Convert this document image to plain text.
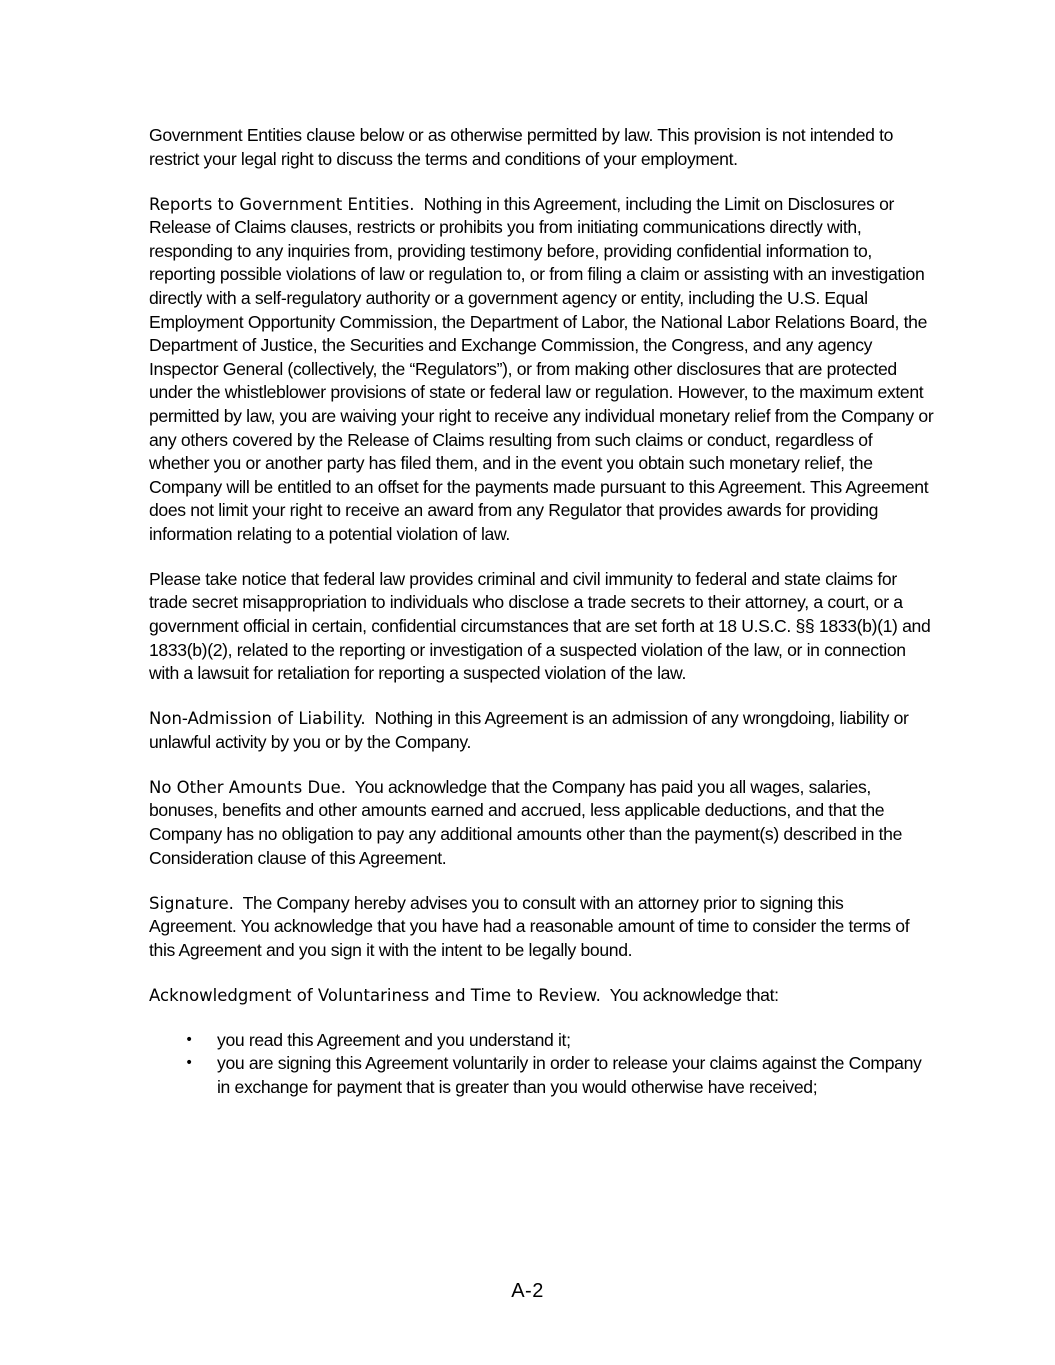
Government Entities clause below or as otherwise permitted by law. This provision is not intended to restrict your legal right to discuss the terms and conditions of your employment.

Reports to Government Entities. Nothing in this Agreement, including the Limit on Disclosures or Release of Claims clauses, restricts or prohibits you from initiating communications directly with, responding to any inquiries from, providing testimony before, providing confidential information to, reporting possible violations of law or regulation to, or from filing a claim or assisting with an investigation directly with a self-regulatory authority or a government agency or entity, including the U.S. Equal Employment Opportunity Commission, the Department of Labor, the National Labor Relations Board, the Department of Justice, the Securities and Exchange Commission, the Congress, and any agency Inspector General (collectively, the “Regulators”), or from making other disclosures that are protected under the whistleblower provisions of state or federal law or regulation. However, to the maximum extent permitted by law, you are waiving your right to receive any individual monetary relief from the Company or any others covered by the Release of Claims resulting from such claims or conduct, regardless of whether you or another party has filed them, and in the event you obtain such monetary relief, the Company will be entitled to an offset for the payments made pursuant to this Agreement. This Agreement does not limit your right to receive an award from any Regulator that provides awards for providing information relating to a potential violation of law.

Please take notice that federal law provides criminal and civil immunity to federal and state claims for trade secret misappropriation to individuals who disclose a trade secrets to their attorney, a court, or a government official in certain, confidential circumstances that are set forth at 18 U.S.C. §§ 1833(b)(1) and 1833(b)(2), related to the reporting or investigation of a suspected violation of the law, or in connection with a lawsuit for retaliation for reporting a suspected violation of the law.

Non-Admission of Liability. Nothing in this Agreement is an admission of any wrongdoing, liability or unlawful activity by you or by the Company.

No Other Amounts Due. You acknowledge that the Company has paid you all wages, salaries, bonuses, benefits and other amounts earned and accrued, less applicable deductions, and that the Company has no obligation to pay any additional amounts other than the payment(s) described in the Consideration clause of this Agreement.

Signature. The Company hereby advises you to consult with an attorney prior to signing this Agreement. You acknowledge that you have had a reasonable amount of time to consider the terms of this Agreement and you sign it with the intent to be legally bound.

Acknowledgment of Voluntariness and Time to Review. You acknowledge that:

• you read this Agreement and you understand it;
• you are signing this Agreement voluntarily in order to release your claims against the Company in exchange for payment that is greater than you would otherwise have received;
A-2
